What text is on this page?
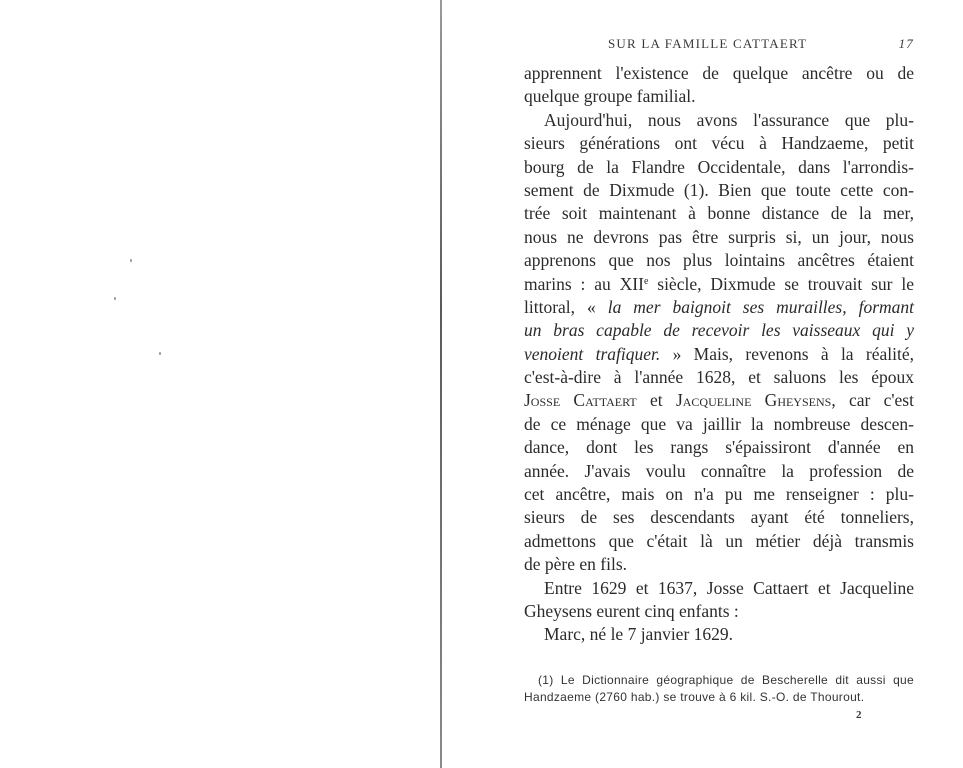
SUR LA FAMILLE CATTAERT	17
apprennent l'existence de quelque ancêtre ou de
quelque groupe familial.
Aujourd'hui, nous avons l'assurance que plu-
sieurs générations ont vécu à Handzaeme, petit
bourg de la Flandre Occidentale, dans l'arrondis-
sement de Dixmude (1). Bien que toute cette con-
trée soit maintenant à bonne distance de la mer,
nous ne devrons pas être surpris si, un jour, nous
apprenons que nos plus lointains ancêtres étaient
marins : au XIIe siècle, Dixmude se trouvait sur le
littoral, « la mer baignoit ses murailles, formant
un bras capable de recevoir les vaisseaux qui y
venoient trafiquer. » Mais, revenons à la réalité,
c'est-à-dire à l'année 1628, et saluons les époux
Josse Cattaert et Jacqueline Gheysens, car c'est
de ce ménage que va jaillir la nombreuse descen-
dance, dont les rangs s'épaissiront d'année en
année. J'avais voulu connaître la profession de
cet ancêtre, mais on n'a pu me renseigner : plu-
sieurs de ses descendants ayant été tonneliers,
admettons que c'était là un métier déjà transmis
de père en fils.
Entre 1629 et 1637, Josse Cattaert et Jacqueline
Gheysens eurent cinq enfants :
Marc, né le 7 janvier 1629.
(1) Le Dictionnaire géographique de Bescherelle dit aussi que
Handzaeme (2760 hab.) se trouve à 6 kil. S.-O. de Thourout.
2
